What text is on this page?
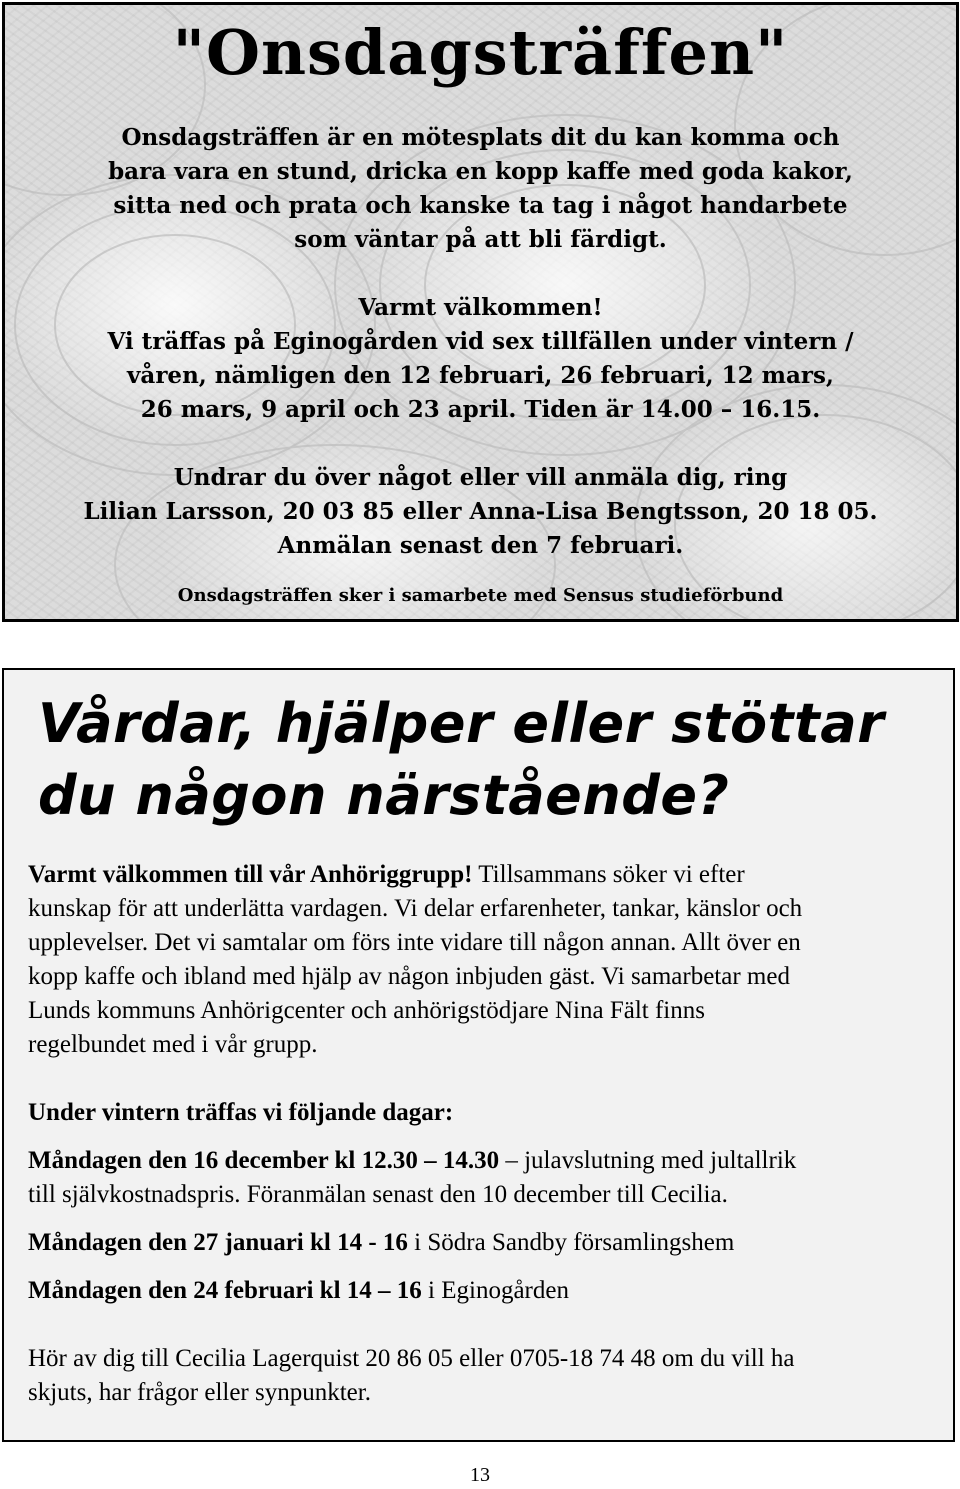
"Onsdagsträffen"

Onsdagsträffen är en mötesplats dit du kan komma och
bara vara en stund, dricka en kopp kaffe med goda kakor,
sitta ned och prata och kanske ta tag i något handarbete
som väntar på att bli färdigt.

Varmt välkommen!
Vi träffas på Eginogården vid sex tillfällen under vintern /
våren, nämligen den 12 februari, 26 februari, 12 mars,
26 mars, 9 april och 23 april. Tiden är 14.00 – 16.15.

Undrar du över något eller vill anmäla dig, ring
Lilian Larsson, 20 03 85 eller Anna-Lisa Bengtsson, 20 18 05.
Anmälan senast den 7 februari.

Onsdagsträffen sker i samarbete med Sensus studieförbund

Vårdar, hjälper eller stöttar
du någon närstående?

Varmt välkommen till vår Anhöriggrupp! Tillsammans söker vi efter
kunskap för att underlätta vardagen. Vi delar erfarenheter, tankar, känslor och
upplevelser. Det vi samtalar om förs inte vidare till någon annan. Allt över en
kopp kaffe och ibland med hjälp av någon inbjuden gäst. Vi samarbetar med
Lunds kommuns Anhörigcenter och anhörigstödjare Nina Fält finns
regelbundet med i vår grupp.

Under vintern träffas vi följande dagar:

Måndagen den 16 december kl 12.30 – 14.30 – julavslutning med jultallrik
till självkostnadspris. Föranmälan senast den 10 december till Cecilia.

Måndagen den 27 januari kl 14 - 16 i Södra Sandby församlingshem

Måndagen den 24 februari kl 14 – 16 i Eginogården

Hör av dig till Cecilia Lagerquist 20 86 05 eller 0705-18 74 48 om du vill ha
skjuts, har frågor eller synpunkter.

13
